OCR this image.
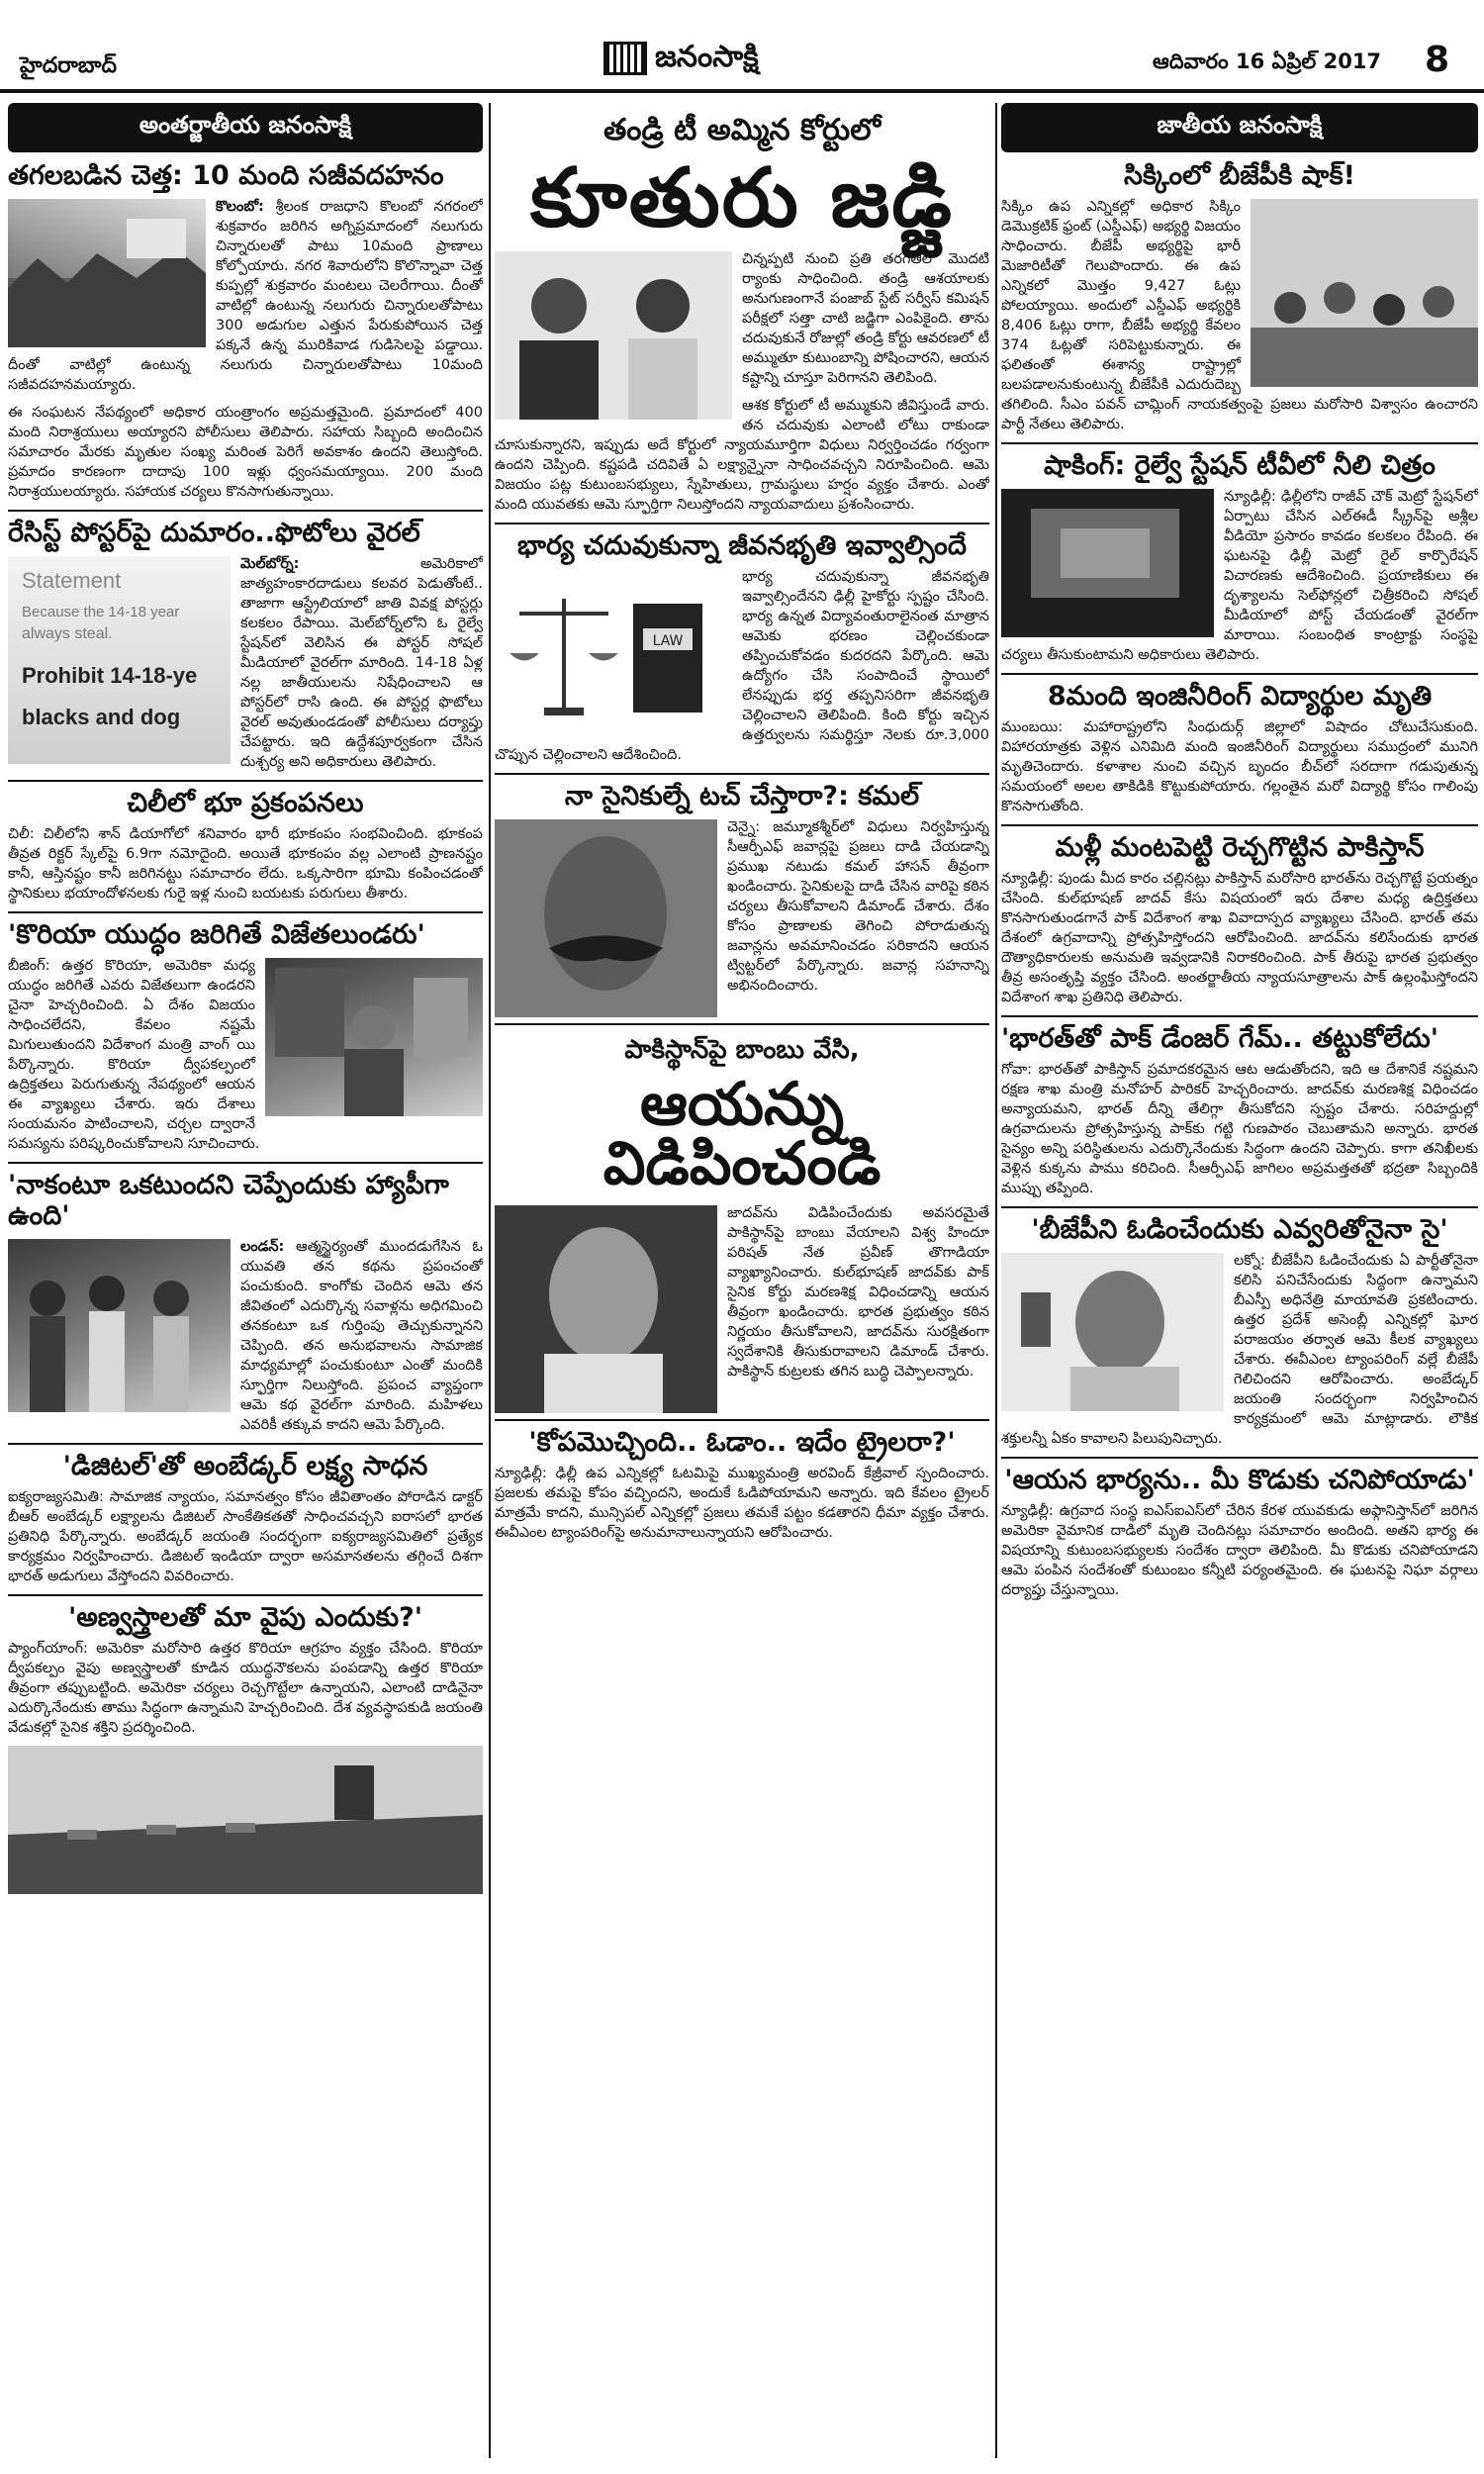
హైదరాబాద్	జనంసాక్షి	ఆదివారం 16 ఏప్రిల్ 2017 8
అంతర్జాతీయ జనంసాక్షి
తగలబడిన చెత్త: 10 మంది సజీవదహనం

కొలంబో: శ్రీలంక రాజధాని కొలంబో నగరంలో శుక్రవారం జరిగిన అగ్నిప్రమాదంలో నలుగురు చిన్నారులతో పాటు 10మంది ప్రాణాలు కోల్పోయారు. నగర శివారులోని కొలొన్నావా చెత్త కుప్పల్లో శుక్రవారం మంటలు చెలరేగాయి. దీంతో వాటిల్లో ఉంటున్న నలుగురు చిన్నారులతోపాటు 300 అడుగుల ఎత్తున పేరుకుపోయిన చెత్త పక్కనే ఉన్న మురికివాడ గుడిసెలపై పడ్డాయి. దీంతో వాటిల్లో ఉంటున్న నలుగురు చిన్నారులతోపాటు 10మంది సజీవదహనమయ్యారు.

ఈ సంఘటన నేపథ్యంలో అధికార యంత్రాంగం అప్రమత్తమైంది. ప్రమాదంలో 400 మంది నిరాశ్రయులు అయ్యారని పోలీసులు తెలిపారు. సహాయ సిబ్బంది అందించిన సమాచారం మేరకు మృతుల సంఖ్య మరింత పెరిగే అవకాశం ఉందని తెలుస్తోంది. ప్రమాదం కారణంగా దాదాపు 100 ఇళ్లు ధ్వంసమయ్యాయి. 200 మంది నిరాశ్రయులయ్యారు. సహాయక చర్యలు కొనసాగుతున్నాయి.

రేసిస్ట్ పోస్టర్‌పై దుమారం..ఫొటోలు వైరల్
Statement
Because the 14-18 year
always steal.
Prohibit 14-18-ye
blacks and dog

మెల్‌బోర్న్:	అమెరికాలో జాత్యహంకారదాడులు కలవర పెడుతోంటే.. తాజాగా ఆస్ట్రేలియాలో జాతి వివక్ష పోస్టర్లు కలకలం రేపాయి. మెల్‌బోర్న్‌లోని ఓ రైల్వే స్టేషన్‌లో వెలిసిన ఈ పోస్టర్ సోషల్ మీడియాలో వైరల్‌గా మారింది. 14-18 ఏళ్ల నల్ల జాతీయులను నిషేధించాలని ఆ పోస్టర్‌లో రాసి ఉంది. ఈ పోస్టర్ల ఫొటోలు వైరల్ అవుతుండడంతో పోలీసులు దర్యాప్తు చేపట్టారు. ఇది ఉద్దేశపూర్వకంగా చేసిన దుశ్చర్య అని అధికారులు తెలిపారు.

చిలీలో భూ ప్రకంపనలు

చిలీ: చిలీలోని శాన్ డియాగోలో శనివారం భారీ భూకంపం సంభవించింది. భూకంప తీవ్రత రిక్టర్ స్కేల్‌పై 6.9గా నమోదైంది. అయితే భూకంపం వల్ల ఎలాంటి ప్రాణనష్టం కానీ, ఆస్తినష్టం కానీ జరిగినట్టు సమాచారం లేదు. ఒక్కసారిగా భూమి కంపించడంతో స్థానికులు భయాందోళనలకు గురై ఇళ్ల నుంచి బయటకు పరుగులు తీశారు.

'కొరియా యుద్ధం జరిగితే విజేతలుండరు'

బీజింగ్: ఉత్తర కొరియా, అమెరికా మధ్య యుద్ధం జరిగితే ఎవరు విజేతలుగా ఉండరని చైనా హెచ్చరించింది. ఏ దేశం విజయం సాధించలేదని, కేవలం నష్టమే మిగులుతుందని విదేశాంగ మంత్రి వాంగ్ యి పేర్కొన్నారు. కొరియా ద్వీపకల్పంలో ఉద్రిక్తతలు పెరుగుతున్న నేపథ్యంలో ఆయన ఈ వ్యాఖ్యలు చేశారు. ఇరు దేశాలు సంయమనం పాటించాలని, చర్చల ద్వారానే సమస్యను పరిష్కరించుకోవాలని సూచించారు.

'నాకంటూ ఒకటుందని చెప్పేందుకు హ్యాపీగా ఉంది'

లండన్: ఆత్మస్థైర్యంతో ముందడుగేసిన ఓ యువతి తన కథను ప్రపంచంతో పంచుకుంది. కాంగోకు చెందిన ఆమె తన జీవితంలో ఎదుర్కొన్న సవాళ్లను అధిగమించి తనకంటూ ఒక గుర్తింపు తెచ్చుకున్నానని చెప్పింది. తన అనుభవాలను సామాజిక మాధ్యమాల్లో పంచుకుంటూ ఎంతో మందికి స్ఫూర్తిగా నిలుస్తోంది. ప్రపంచ వ్యాప్తంగా ఆమె కథ వైరల్‌గా మారింది. మహిళలు ఎవరికీ తక్కువ కాదని ఆమె పేర్కొంది.

'డిజిటల్'తో అంబేడ్కర్ లక్ష్య సాధన

ఐక్యరాజ్యసమితి: సామాజిక న్యాయం, సమానత్వం కోసం జీవితాంతం పోరాడిన డాక్టర్ బీఆర్ అంబేడ్కర్ లక్ష్యాలను డిజిటల్ సాంకేతికతతో సాధించవచ్చని ఐరాసలో భారత ప్రతినిధి పేర్కొన్నారు. అంబేడ్కర్ జయంతి సందర్భంగా ఐక్యరాజ్యసమితిలో ప్రత్యేక కార్యక్రమం నిర్వహించారు. డిజిటల్ ఇండియా ద్వారా అసమానతలను తగ్గించే దిశగా భారత్ అడుగులు వేస్తోందని వివరించారు.

'అణ్వస్త్రాలతో మా వైపు ఎందుకు?'

ప్యాంగ్‌యాంగ్: అమెరికా మరోసారి ఉత్తర కొరియా ఆగ్రహం వ్యక్తం చేసింది. కొరియా ద్వీపకల్పం వైపు అణ్వస్త్రాలతో కూడిన యుద్ధనౌకలను పంపడాన్ని ఉత్తర కొరియా తీవ్రంగా తప్పుబట్టింది. అమెరికా చర్యలు రెచ్చగొట్టేలా ఉన్నాయని, ఎలాంటి దాడినైనా ఎదుర్కొనేందుకు తాము సిద్ధంగా ఉన్నామని హెచ్చరించింది. దేశ వ్యవస్థాపకుడి జయంతి వేడుకల్లో సైనిక శక్తిని ప్రదర్శించింది.

తండ్రి టీ అమ్మిన కోర్టులో
కూతురు జడ్జి

చిన్నప్పటి నుంచి ప్రతి తరగతిలో మొదటి ర్యాంకు సాధించింది. తండ్రి ఆశయాలకు అనుగుణంగానే పంజాబ్ స్టేట్ సర్వీస్ కమిషన్ పరీక్షలో సత్తా చాటి జడ్జిగా ఎంపికైంది. తాను చదువుకునే రోజుల్లో తండ్రి కోర్టు ఆవరణలో టీ అమ్ముతూ కుటుంబాన్ని పోషించారని, ఆయన కష్టాన్ని చూస్తూ పెరిగానని తెలిపింది.

ఆశక కోర్టులో టీ అమ్ముకుని జీవిస్తుండే వారు. తన చదువుకు ఎలాంటి లోటు రాకుండా చూసుకున్నారని, ఇప్పుడు అదే కోర్టులో న్యాయమూర్తిగా విధులు నిర్వర్తించడం గర్వంగా ఉందని చెప్పింది. కష్టపడి చదివితే ఏ లక్ష్యాన్నైనా సాధించవచ్చని నిరూపించింది. ఆమె విజయం పట్ల కుటుంబసభ్యులు, స్నేహితులు, గ్రామస్థులు హర్షం వ్యక్తం చేశారు. ఎంతో మంది యువతకు ఆమె స్ఫూర్తిగా నిలుస్తోందని న్యాయవాదులు ప్రశంసించారు.

భార్య చదువుకున్నా జీవనభృతి ఇవ్వాల్సిందే
LAW

భార్య చదువుకున్నా జీవనభృతి ఇవ్వాల్సిందేనని ఢిల్లీ హైకోర్టు స్పష్టం చేసింది. భార్య ఉన్నత విద్యావంతురాలైనంత మాత్రాన ఆమెకు భరణం చెల్లించకుండా తప్పించుకోవడం కుదరదని పేర్కొంది. ఆమె ఉద్యోగం చేసి సంపాదించే స్థాయిలో లేనప్పుడు భర్త తప్పనిసరిగా జీవనభృతి చెల్లించాలని తెలిపింది. కింది కోర్టు ఇచ్చిన ఉత్తర్వులను సమర్థిస్తూ నెలకు రూ.3,000 చొప్పున చెల్లించాలని ఆదేశించింది.

నా సైనికుల్నే టచ్ చేస్తారా?: కమల్

చెన్నై: జమ్మూకశ్మీర్‌లో విధులు నిర్వహిస్తున్న సీఆర్పీఎఫ్ జవాన్లపై ప్రజలు దాడి చేయడాన్ని ప్రముఖ నటుడు కమల్ హాసన్ తీవ్రంగా ఖండించారు. సైనికులపై దాడి చేసిన వారిపై కఠిన చర్యలు తీసుకోవాలని డిమాండ్ చేశారు. దేశం కోసం ప్రాణాలకు తెగించి పోరాడుతున్న జవాన్లను అవమానించడం సరికాదని ఆయన ట్విట్టర్‌లో పేర్కొన్నారు. జవాన్ల సహనాన్ని అభినందించారు.

పాకిస్థాన్‌పై బాంబు వేసి,
ఆయన్ను విడిపించండి

జాదవ్‌ను విడిపించేందుకు అవసరమైతే పాకిస్థాన్‌పై బాంబు వేయాలని విశ్వ హిందూ పరిషత్ నేత ప్రవీణ్ తొగాడియా వ్యాఖ్యానించారు. కుల్‌భూషణ్ జాదవ్‌కు పాక్ సైనిక కోర్టు మరణశిక్ష విధించడాన్ని ఆయన తీవ్రంగా ఖండించారు. భారత ప్రభుత్వం కఠిన నిర్ణయం తీసుకోవాలని, జాదవ్‌ను సురక్షితంగా స్వదేశానికి తీసుకురావాలని డిమాండ్ చేశారు. పాకిస్థాన్ కుట్రలకు తగిన బుద్ధి చెప్పాలన్నారు.

'కోపమొచ్చింది.. ఓడాం.. ఇదేం ట్రైలరా?'

న్యూఢిల్లీ: ఢిల్లీ ఉప ఎన్నికల్లో ఓటమిపై ముఖ్యమంత్రి అరవింద్ కేజ్రీవాల్ స్పందించారు. ప్రజలకు తమపై కోపం వచ్చిందని, అందుకే ఓడిపోయామని అన్నారు. ఇది కేవలం ట్రైలర్ మాత్రమే కాదని, మున్సిపల్ ఎన్నికల్లో ప్రజలు తమకే పట్టం కడతారని ధీమా వ్యక్తం చేశారు. ఈవీఎంల ట్యాంపరింగ్‌పై అనుమానాలున్నాయని ఆరోపించారు.

జాతీయ జనంసాక్షి
సిక్కింలో బీజేపీకి షాక్!

సిక్కిం ఉప ఎన్నికల్లో అధికార సిక్కిం డెమొక్రటిక్ ఫ్రంట్ (ఎస్డీఎఫ్) అభ్యర్థి విజయం సాధించారు. బీజేపీ అభ్యర్థిపై భారీ మెజారిటీతో గెలుపొందారు. ఈ ఉప ఎన్నికలో మొత్తం 9,427 ఓట్లు పోలయ్యాయి. అందులో ఎస్డీఎఫ్ అభ్యర్థికి 8,406 ఓట్లు రాగా, బీజేపీ అభ్యర్థి కేవలం 374 ఓట్లతో సరిపెట్టుకున్నారు. ఈ ఫలితంతో ఈశాన్య రాష్ట్రాల్లో బలపడాలనుకుంటున్న బీజేపీకి ఎదురుదెబ్బ తగిలింది. సీఎం పవన్ చామ్లింగ్ నాయకత్వంపై ప్రజలు మరోసారి విశ్వాసం ఉంచారని పార్టీ నేతలు తెలిపారు.

షాకింగ్: రైల్వే స్టేషన్ టీవీలో నీలి చిత్రం

న్యూఢిల్లీ: ఢిల్లీలోని రాజీవ్ చౌక్ మెట్రో స్టేషన్‌లో ఏర్పాటు చేసిన ఎల్‌ఈడీ స్క్రీన్‌పై అశ్లీల వీడియో ప్రసారం కావడం కలకలం రేపింది. ఈ ఘటనపై ఢిల్లీ మెట్రో రైల్ కార్పొరేషన్ విచారణకు ఆదేశించింది. ప్రయాణికులు ఈ దృశ్యాలను సెల్‌ఫోన్లలో చిత్రీకరించి సోషల్ మీడియాలో పోస్ట్ చేయడంతో వైరల్‌గా మారాయి. సంబంధిత కాంట్రాక్టు సంస్థపై చర్యలు తీసుకుంటామని అధికారులు తెలిపారు.

8మంది ఇంజినీరింగ్ విద్యార్థుల మృతి

ముంబయి: మహారాష్ట్రలోని సింధుదుర్గ్ జిల్లాలో విషాదం చోటుచేసుకుంది. విహారయాత్రకు వెళ్లిన ఎనిమిది మంది ఇంజినీరింగ్ విద్యార్థులు సముద్రంలో మునిగి మృతిచెందారు. కళాశాల నుంచి వచ్చిన బృందం బీచ్‌లో సరదాగా గడుపుతున్న సమయంలో అలల తాకిడికి కొట్టుకుపోయారు. గల్లంతైన మరో విద్యార్థి కోసం గాలింపు కొనసాగుతోంది.

మళ్లీ మంటపెట్టి రెచ్చగొట్టిన పాకిస్తాన్

న్యూఢిల్లీ: పుండు మీద కారం చల్లినట్లు పాకిస్తాన్ మరోసారి భారత్‌ను రెచ్చగొట్టే ప్రయత్నం చేసింది. కుల్‌భూషణ్ జాదవ్ కేసు విషయంలో ఇరు దేశాల మధ్య ఉద్రిక్తతలు కొనసాగుతుండగానే పాక్ విదేశాంగ శాఖ వివాదాస్పద వ్యాఖ్యలు చేసింది. భారత్ తమ దేశంలో ఉగ్రవాదాన్ని ప్రోత్సహిస్తోందని ఆరోపించింది. జాదవ్‌ను కలిసేందుకు భారత దౌత్యాధికారులకు అనుమతి ఇవ్వడానికి నిరాకరించింది. పాక్ తీరుపై భారత ప్రభుత్వం తీవ్ర అసంతృప్తి వ్యక్తం చేసింది. అంతర్జాతీయ న్యాయసూత్రాలను పాక్ ఉల్లంఘిస్తోందని విదేశాంగ శాఖ ప్రతినిధి తెలిపారు.

'భారత్‌తో పాక్ డేంజర్ గేమ్.. తట్టుకోలేదు'

గోవా: భారత్‌తో పాకిస్తాన్ ప్రమాదకరమైన ఆట ఆడుతోందని, ఇది ఆ దేశానికే నష్టమని రక్షణ శాఖ మంత్రి మనోహర్ పారికర్ హెచ్చరించారు. జాదవ్‌కు మరణశిక్ష విధించడం అన్యాయమని, భారత్ దీన్ని తేలిగ్గా తీసుకోదని స్పష్టం చేశారు. సరిహద్దుల్లో ఉగ్రవాదులను ప్రోత్సహిస్తున్న పాక్‌కు గట్టి గుణపాఠం చెబుతామని అన్నారు. భారత సైన్యం అన్ని పరిస్థితులను ఎదుర్కొనేందుకు సిద్ధంగా ఉందని చెప్పారు. కాగా తనిఖీలకు వెళ్లిన కుక్కను పాము కరిచింది. సీఆర్పీఎఫ్ జాగిలం అప్రమత్తతతో భద్రతా సిబ్బందికి ముప్పు తప్పింది.

'బీజేపీని ఓడించేందుకు ఎవ్వరితోనైనా సై'

లక్నో: బీజేపీని ఓడించేందుకు ఏ పార్టీతోనైనా కలిసి పనిచేసేందుకు సిద్ధంగా ఉన్నామని బీఎస్పీ అధినేత్రి మాయావతి ప్రకటించారు. ఉత్తర ప్రదేశ్ అసెంబ్లీ ఎన్నికల్లో ఘోర పరాజయం తర్వాత ఆమె కీలక వ్యాఖ్యలు చేశారు. ఈవీఎంల ట్యాంపరింగ్ వల్లే బీజేపీ గెలిచిందని ఆరోపించారు. అంబేడ్కర్ జయంతి సందర్భంగా నిర్వహించిన కార్యక్రమంలో ఆమె మాట్లాడారు. లౌకిక శక్తులన్నీ ఏకం కావాలని పిలుపునిచ్చారు.

'ఆయన భార్యను.. మీ కొడుకు చనిపోయాడు'

న్యూఢిల్లీ: ఉగ్రవాద సంస్థ ఐఎస్ఐఎస్‌లో చేరిన కేరళ యువకుడు అఫ్గానిస్తాన్‌లో జరిగిన అమెరికా వైమానిక దాడిలో మృతి చెందినట్లు సమాచారం అందింది. అతని భార్య ఈ విషయాన్ని కుటుంబసభ్యులకు సందేశం ద్వారా తెలిపింది. మీ కొడుకు చనిపోయాడని ఆమె పంపిన సందేశంతో కుటుంబం కన్నీటి పర్యంతమైంది. ఈ ఘటనపై నిఘా వర్గాలు దర్యాప్తు చేస్తున్నాయి.
